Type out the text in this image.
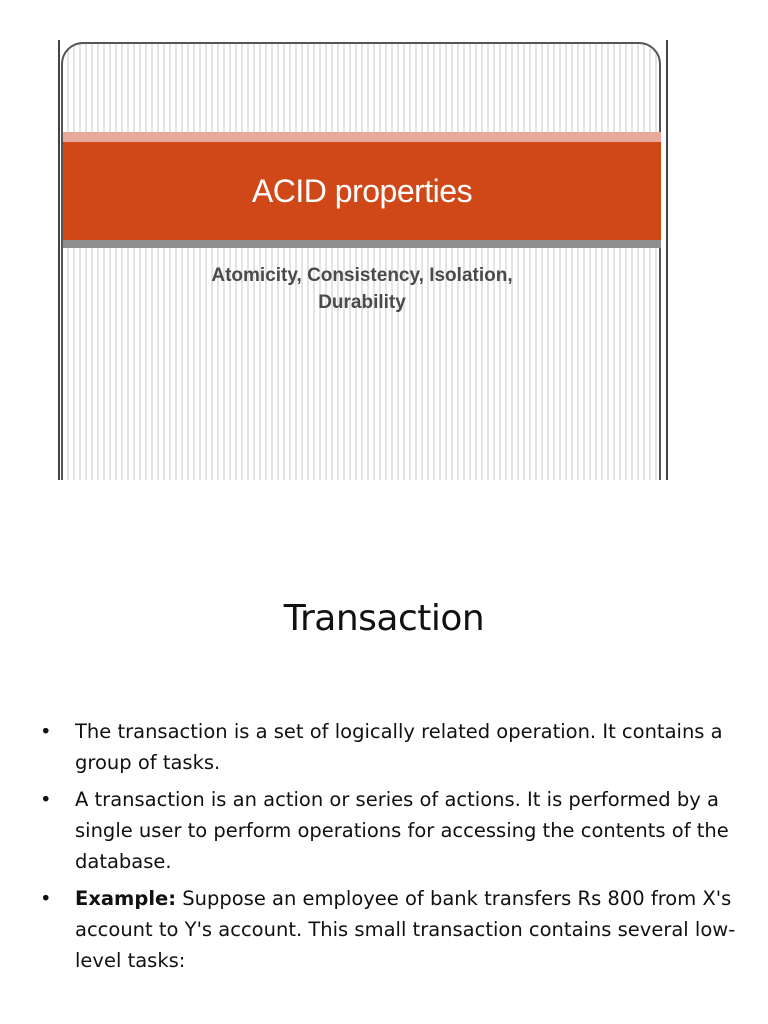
ACID properties
Atomicity, Consistency, Isolation,
Durability
Transaction
• The transaction is a set of logically related operation. It contains a group of tasks.
• A transaction is an action or series of actions. It is performed by a single user to perform operations for accessing the contents of the database.
• Example: Suppose an employee of bank transfers Rs 800 from X's account to Y's account. This small transaction contains several low-level tasks:
